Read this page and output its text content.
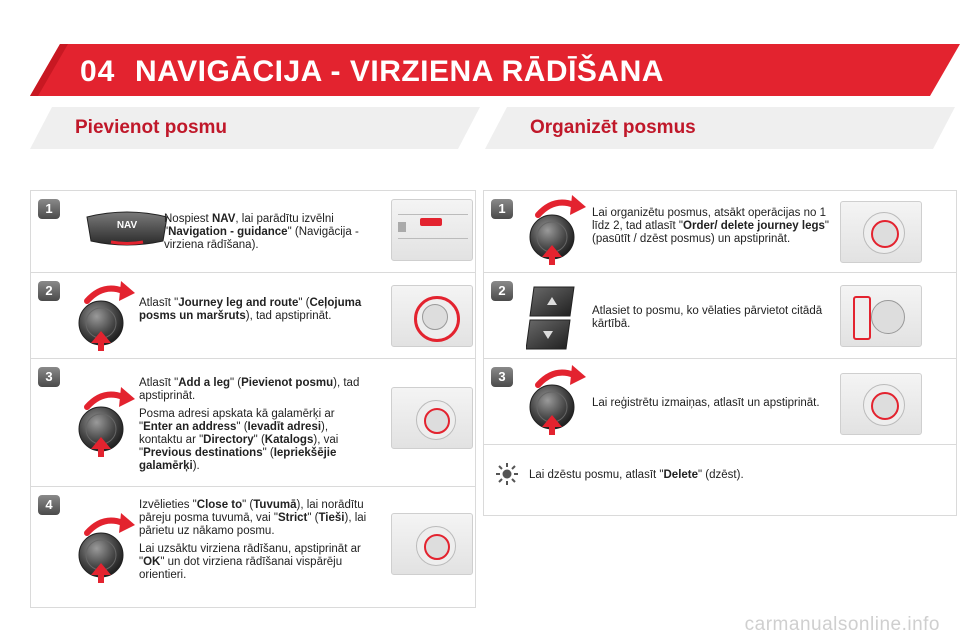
04 NAVIGĀCIJA - VIRZIENA RĀDĪŠANA
Pievienot posmu	Organizēt posmus
1
NAV
Nospiest NAV, lai parādītu izvēlni "Navigation - guidance" (Navigācija - virziena rādīšana).
2
Atlasīt "Journey leg and route" (Ceļojuma posms un maršruts), tad apstiprināt.
3	Atlasīt "Add a leg" (Pievienot posmu), tad apstiprināt.

Posma adresi apskata kā galamērķi ar "Enter an address" (Ievadīt adresi), kontaktu ar "Directory" (Katalogs), vai "Previous destinations" (Iepriekšējie galamērķi).

4	Izvēlieties "Close to" (Tuvumā), lai norādītu pāreju posma tuvumā, vai "Strict" (Tieši), lai pārietu uz nākamo posmu.

Lai uzsāktu virziena rādīšanu, apstiprināt ar "OK" un dot virziena rādīšanai vispārēju orientieri.

1	Lai organizētu posmus, atsākt operācijas no 1 līdz 2, tad atlasīt "Order/ delete journey legs" (pasūtīt / dzēst posmus) un apstiprināt.
2
Atlasiet to posmu, ko vēlaties pārvietot citādā kārtībā.
3
Lai reģistrētu izmaiņas, atlasīt un apstiprināt.
Lai dzēstu posmu, atlasīt "Delete" (dzēst).
carmanualsonline.info
